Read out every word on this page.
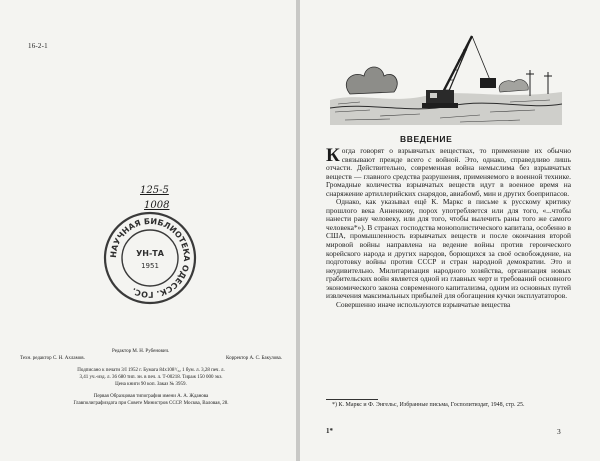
16-2-1
125-5
1008
НАУЧНАЯ БИБЛИОТЕКА ОДЕССК. ГОС.
УН-ТА
1951
Редактор М. Н. Рубенович.
Техн. редактор С. Н. Ахламов.	Корректор А. С. Бакулова.
Подписано к печати 3/I 1952 г. Бумага 84х108¹/₃₂ 1 бум. л. 3,28 печ. л.
3,41 уч.-изд. л. 36 680 тип. зн. в печ. л. Т-00218. Тираж 150 000 экз.
Цена книги 90 коп. Заказ № 3959.
Первая Образцовая типография имени А. А. Жданова
Главполиграфиздата при Совете Министров СССР. Москва, Валовая, 28.
ВВЕДЕНИЕ

Когда говорят о взрывчатых веществах, то применение их обычно связывают прежде всего с войной. Это, однако, справедливо лишь отчасти. Действительно, современная война немыслима без взрывчатых веществ — главного средства разрушения, применяемого в военной технике. Громадные количества взрывчатых веществ идут в военное время на снаряжение артиллерийских снарядов, авиабомб, мин и других боеприпасов.

Однако, как указывал ещё К. Маркс в письме к русскому критику прошлого века Анненкову, порох употребляется или для того, «...чтобы нанести рану человеку, или для того, чтобы вылечить раны того же самого человека*»). В странах господства монополистического капитала, особенно в США, промышленность взрывчатых веществ и после окончания второй мировой войны направлена на ведение войны против героического корейского народа и других народов, борющихся за своё освобождение, на подготовку войны против СССР и стран народной демократии. Это и неудивительно. Милитаризация народного хозяйства, организация новых грабительских войн является одной из главных черт и требований основного экономического закона современного капитализма, одним из основных путей извлечения максимальных прибылей для обогащения кучки эксплуататоров.

Совершенно иначе используются взрывчатые вещества

*) К. Маркс и Ф. Энгельс, Избранные письма, Госполитиздат, 1948, стр. 25.
1*	3
